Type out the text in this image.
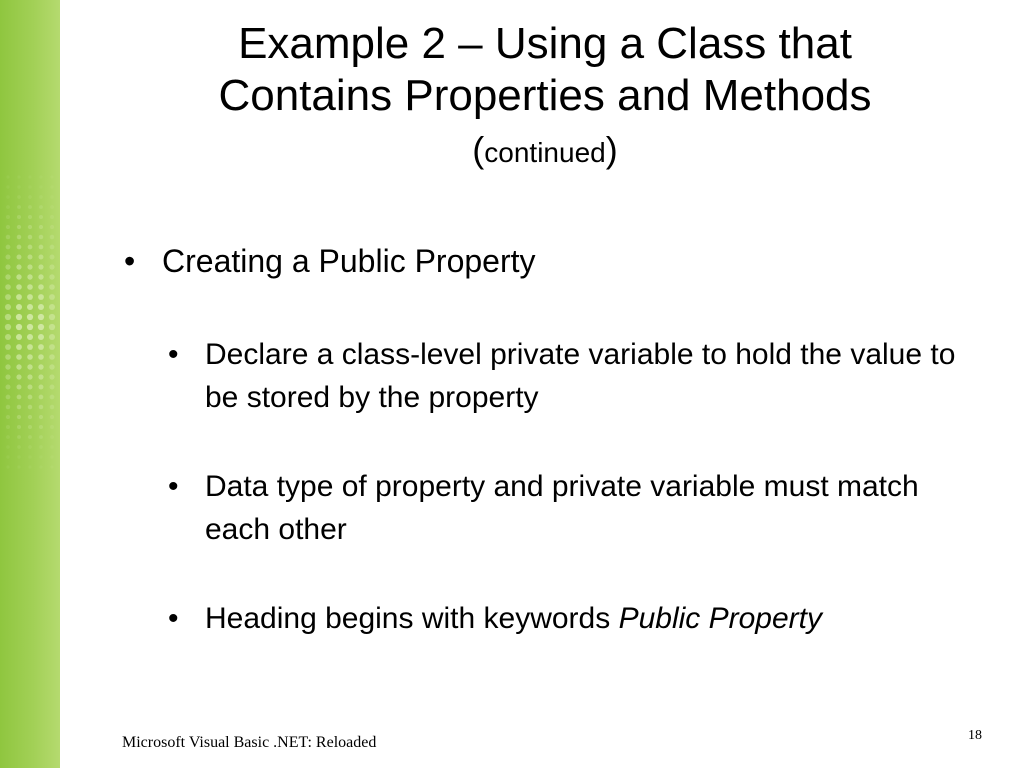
Example 2 – Using a Class that
Contains Properties and Methods
(continued)
• Creating a Public Property
• Declare a class-level private variable to hold the value to be stored by the property
• Data type of property and private variable must match each other
• Heading begins with keywords Public Property
Microsoft Visual Basic .NET: Reloaded	18
